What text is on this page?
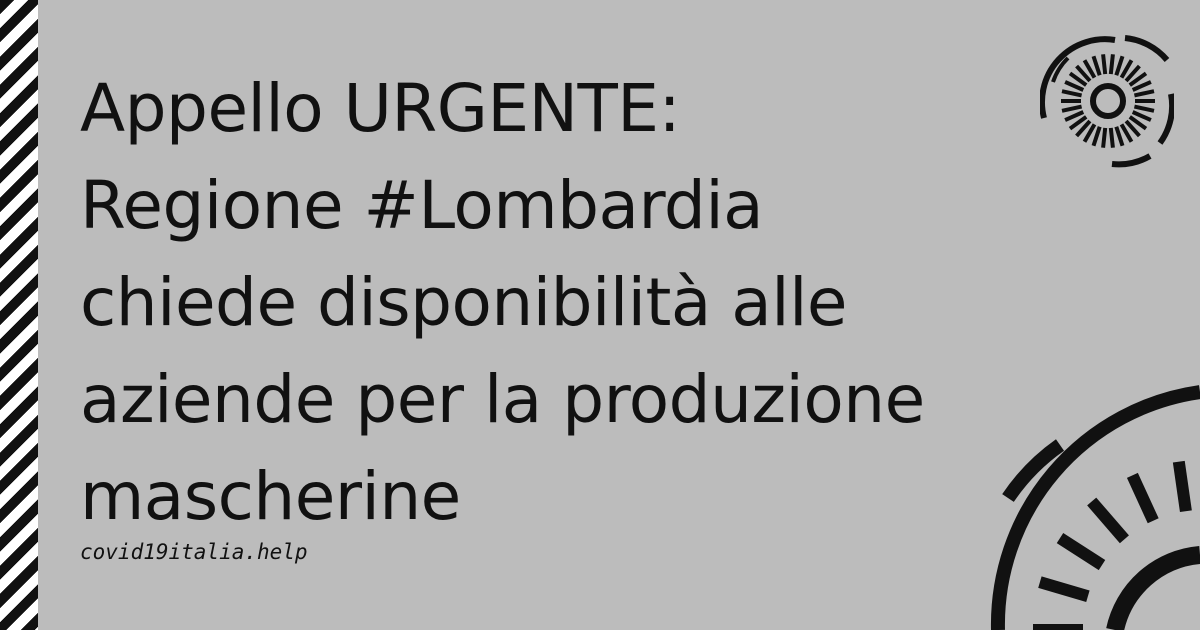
Appello URGENTE:
Regione #Lombardia
chiede disponibilità alle
aziende per la produzione
mascherine
covid19italia.help
